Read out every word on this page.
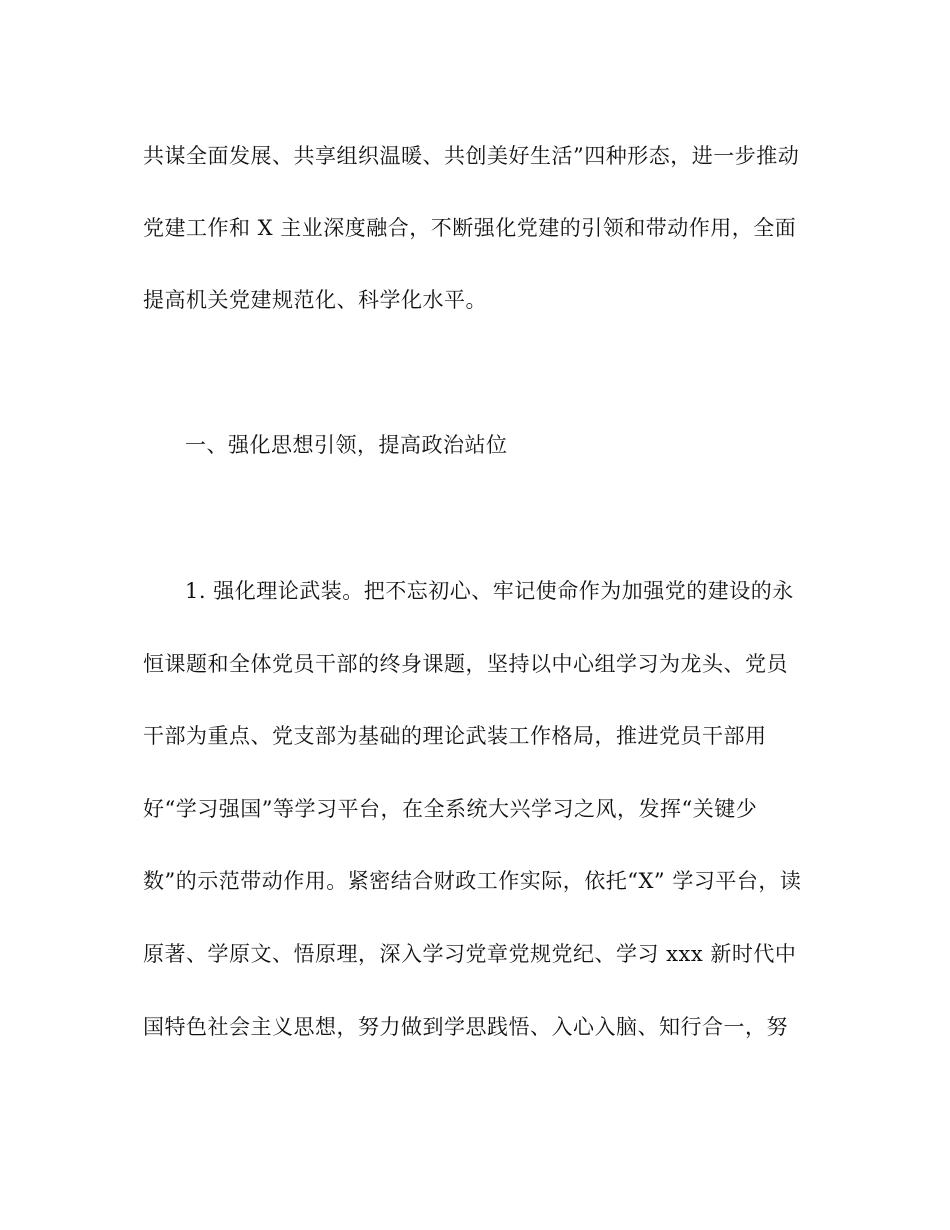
共谋全面发展、共享组织温暖、共创美好生活”四种形态，进一步推动
党建工作和 X 主业深度融合，不断强化党建的引领和带动作用，全面
提高机关党建规范化、科学化水平。
一、强化思想引领，提高政治站位
1. 强化理论武装。把不忘初心、牢记使命作为加强党的建设的永
恒课题和全体党员干部的终身课题，坚持以中心组学习为龙头、党员
干部为重点、党支部为基础的理论武装工作格局，推进党员干部用
好“学习强国”等学习平台，在全系统大兴学习之风，发挥“关键少
数”的示范带动作用。紧密结合财政工作实际，依托“X” 学习平台，读
原著、学原文、悟原理，深入学习党章党规党纪、学习 xxx 新时代中
国特色社会主义思想，努力做到学思践悟、入心入脑、知行合一，努
